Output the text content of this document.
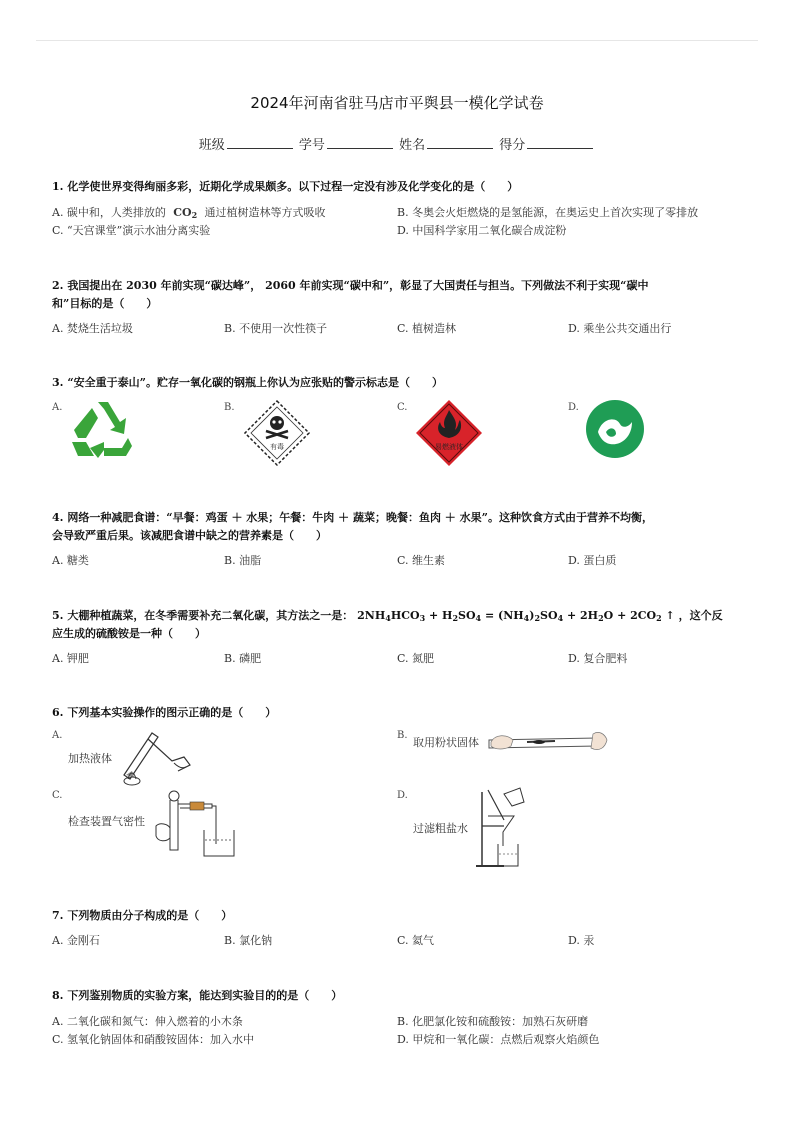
2024年河南省驻马店市平舆县一模化学试卷
班级	学号	姓名	得分
1. 化学使世界变得绚丽多彩，近期化学成果颇多。以下过程一定没有涉及化学变化的是（　　）
A. 碳中和，人类排放的  $CO_2$ 通过植树造林等方式吸收	B. 冬奥会火炬燃烧的是氢能源，在奥运史上首次实现了零排放
C. “天宫课堂”演示水油分离实验	D. 中国科学家用二氧化碳合成淀粉
2. 我国提出在 2030 年前实现“碳达峰”， 2060 年前实现“碳中和”，彰显了大国责任与担当。下列做法不利于实现“碳中
和”目标的是（　　）
A. 焚烧生活垃圾	B. 不使用一次性筷子	C. 植树造林	D. 乘坐公共交通出行
3. “安全重于泰山”。贮存一氧化碳的钢瓶上你认为应张贴的警示标志是（　　）
A.	B.	C.	D.
有毒	易燃液体
4. 网络一种减肥食谱：“早餐：鸡蛋 ＋ 水果；午餐：牛肉 ＋ 蔬菜；晚餐：鱼肉 ＋ 水果”。这种饮食方式由于营养不均衡，
会导致严重后果。该减肥食谱中缺之的营养素是（　　）
A. 糖类	B. 油脂	C. 维生素	D. 蛋白质
5. 大棚种植蔬菜，在冬季需要补充二氧化碳，其方法之一是： $2NH_4HCO_3 + H_2SO_4 = (NH_4)_2SO_4 + 2H_2O + 2CO_2$ ↑ ，这个反
应生成的硫酸铵是一种（　　）
A. 钾肥	B. 磷肥	C. 氮肥	D. 复合肥料
6. 下列基本实验操作的图示正确的是（　　）
A.	B.
C.	D.
加热液体
取用粉状固体
检查装置气密性
过滤粗盐水
7. 下列物质由分子构成的是（　　）
A. 金刚石	B. 氯化钠	C. 氦气	D. 汞
8. 下列鉴别物质的实验方案，能达到实验目的的是（　　）
A. 二氧化碳和氮气：伸入燃着的小木条	B. 化肥氯化铵和硫酸铵：加熟石灰研磨
C. 氢氧化钠固体和硝酸铵固体：加入水中	D. 甲烷和一氧化碳：点燃后观察火焰颜色
